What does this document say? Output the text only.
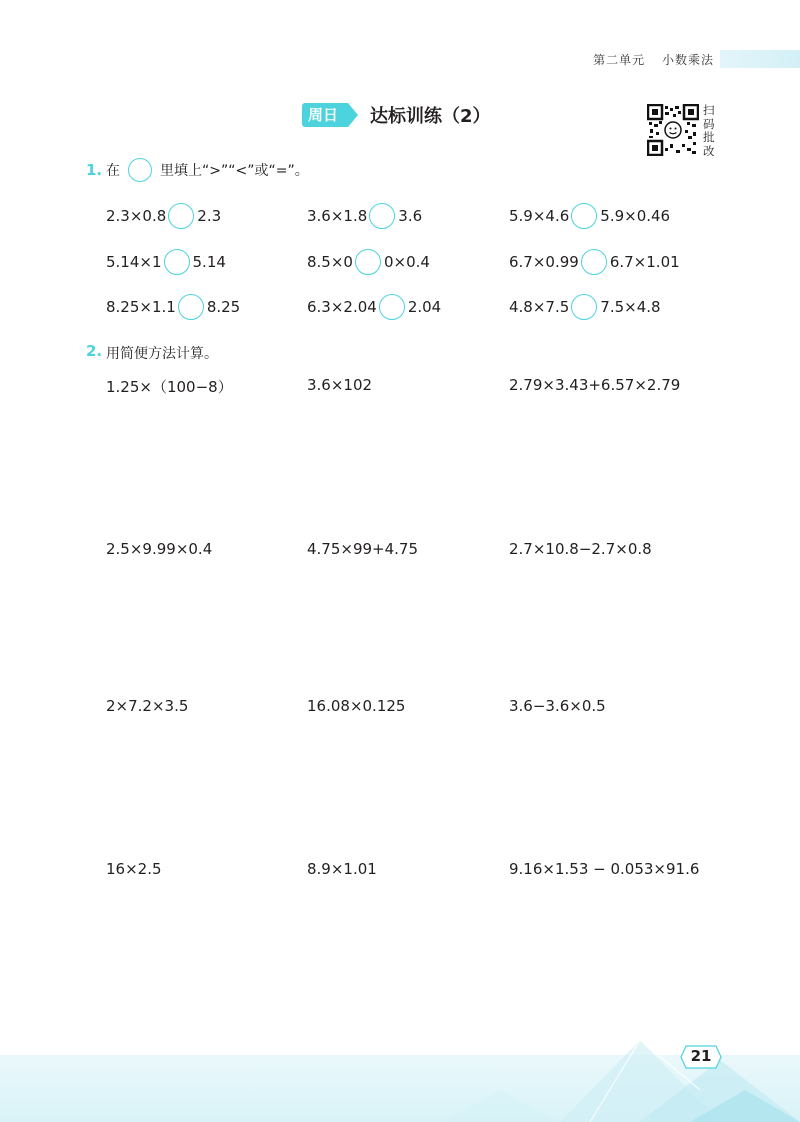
第二单元 小数乘法
周日	达标训练（2）	扫
码
批
改
1. 在	里填上“>”“<”或“=”。
2.3×0.8 2.3	3.6×1.8 3.6	5.9×4.6 5.9×0.46
5.14×1 5.14	8.5×0 0×0.4	6.7×0.99 6.7×1.01
8.25×1.1 8.25	6.3×2.04 2.04	4.8×7.5 7.5×4.8
2. 用简便方法计算。
1.25×（100−8）	3.6×102	2.79×3.43+6.57×2.79
2.5×9.99×0.4	4.75×99+4.75	2.7×10.8−2.7×0.8
2×7.2×3.5	16.08×0.125	3.6−3.6×0.5
16×2.5	8.9×1.01	9.16×1.53 − 0.053×91.6
21
